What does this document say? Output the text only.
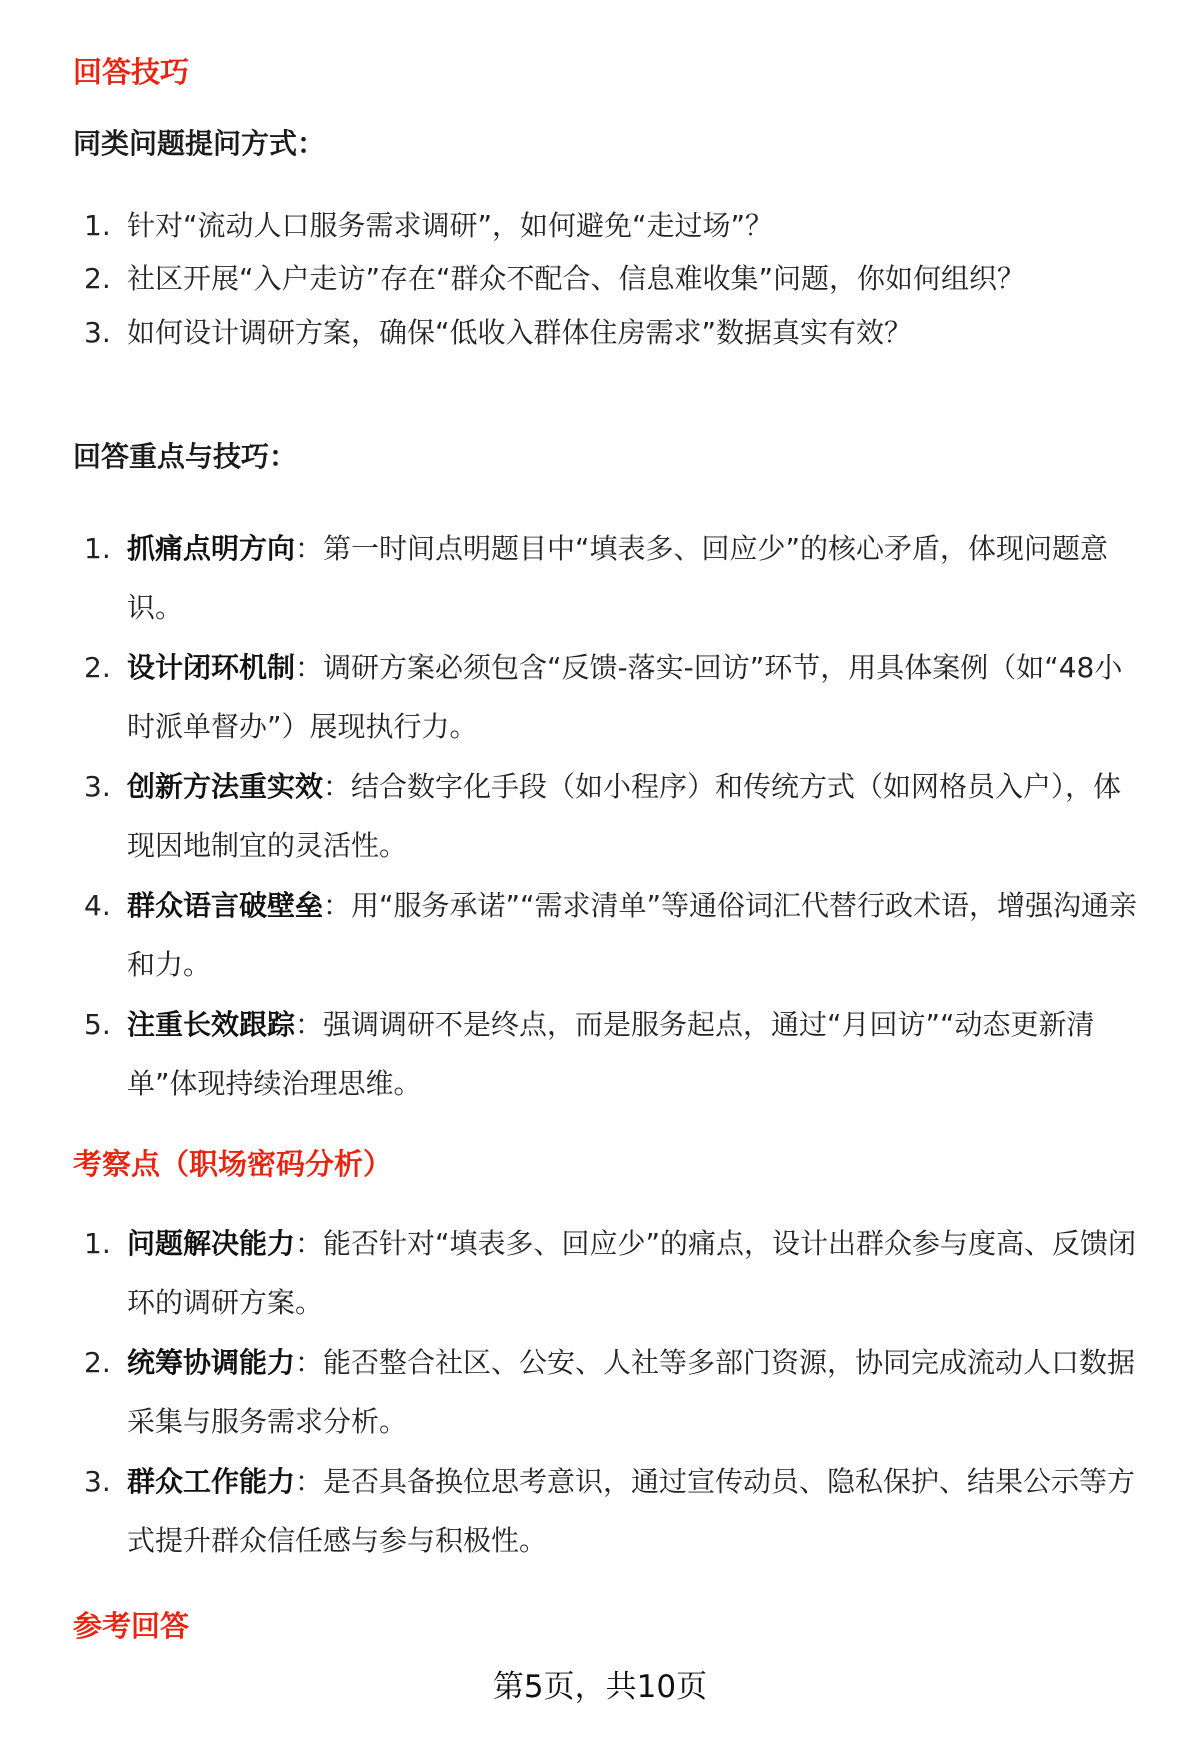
回答技巧
同类问题提问方式：
1. 针对“流动人口服务需求调研”，如何避免“走过场”？
2. 社区开展“入户走访”存在“群众不配合、信息难收集”问题，你如何组织？
3. 如何设计调研方案，确保“低收入群体住房需求”数据真实有效？
回答重点与技巧：
1. 抓痛点明方向：第一时间点明题目中“填表多、回应少”的核心矛盾，体现问题意识。
2. 设计闭环机制：调研方案必须包含“反馈-落实-回访”环节，用具体案例（如“48小时派单督办”）展现执行力。
3. 创新方法重实效：结合数字化手段（如小程序）和传统方式（如网格员入户），体现因地制宜的灵活性。
4. 群众语言破壁垒：用“服务承诺”“需求清单”等通俗词汇代替行政术语，增强沟通亲和力。
5. 注重长效跟踪：强调调研不是终点，而是服务起点，通过“月回访”“动态更新清单”体现持续治理思维。
考察点（职场密码分析）
1. 问题解决能力：能否针对“填表多、回应少”的痛点，设计出群众参与度高、反馈闭环的调研方案。
2. 统筹协调能力：能否整合社区、公安、人社等多部门资源，协同完成流动人口数据采集与服务需求分析。
3. 群众工作能力：是否具备换位思考意识，通过宣传动员、隐私保护、结果公示等方式提升群众信任感与参与积极性。
参考回答
第5页，共10页
